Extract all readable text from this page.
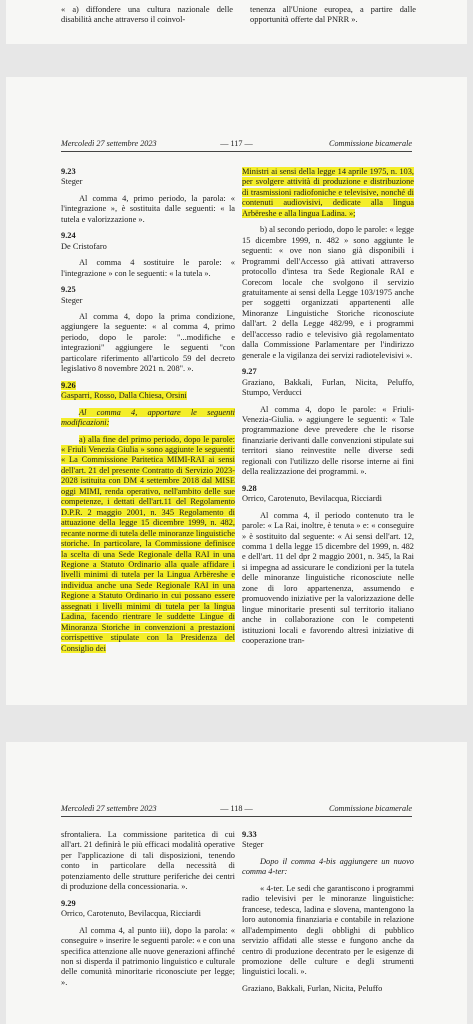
« a) diffondere una cultura nazionale delle disabilità anche attraverso il coinvol-
tenenza all'Unione europea, a partire dalle opportunità offerte dal PNRR ».
Mercoledì 27 settembre 2023	— 117 —	Commissione bicamerale

9.23

Steger

Al comma 4, primo periodo, la parola: « l'integrazione », è sostituita dalle seguenti: « la tutela e valorizzazione ».

9.24

De Cristofaro

Al comma 4 sostituire le parole: « l'integrazione » con le seguenti: « la tutela ».

9.25

Steger

Al comma 4, dopo la prima condizione, aggiungere la seguente: « al comma 4, primo periodo, dopo le parole: "...modifiche e integrazioni" aggiungere le seguenti "con particolare riferimento all'articolo 59 del decreto legislativo 8 novembre 2021 n. 208". ».

9.26

Gasparri, Rosso, Dalla Chiesa, Orsini

Al comma 4, apportare le seguenti modificazioni:

a) alla fine del primo periodo, dopo le parole: « Friuli Venezia Giulia » sono aggiunte le seguenti: « La Commissione Paritetica MIMI-RAI ai sensi dell'art. 21 del presente Contratto di Servizio 2023-2028 istituita con DM 4 settembre 2018 dal MISE oggi MIMI, renda operativo, nell'ambito delle sue competenze, i dettati dell'art.11 del Regolamento D.P.R. 2 maggio 2001, n. 345 Regolamento di attuazione della legge 15 dicembre 1999, n. 482, recante norme di tutela delle minoranze linguistiche storiche. In particolare, la Commissione definisce la scelta di una Sede Regionale della RAI in una Regione a Statuto Ordinario alla quale affidare i livelli minimi di tutela per la Lingua Arbëreshe e individua anche una Sede Regionale RAI in una Regione a Statuto Ordinario in cui possano essere assegnati i livelli minimi di tutela per la lingua Ladina, facendo rientrare le suddette Lingue di Minoranza Storiche in convenzioni a prestazioni corrispettive stipulate con la Presidenza del Consiglio dei

Ministri ai sensi della legge 14 aprile 1975, n. 103, per svolgere attività di produzione e distribuzione di trasmissioni radiofoniche e televisive, nonché di contenuti audiovisivi, dedicate alla lingua Arbëreshe e alla lingua Ladina. »;

b) al secondo periodo, dopo le parole: « legge 15 dicembre 1999, n. 482 » sono aggiunte le seguenti: « ove non siano già disponibili i Programmi dell'Accesso già attivati attraverso protocollo d'intesa tra Sede Regionale RAI e Corecom locale che svolgono il servizio gratuitamente ai sensi della Legge 103/1975 anche per soggetti organizzati appartenenti alle Minoranze Linguistiche Storiche riconosciute dall'art. 2 della Legge 482/99, e i programmi dell'accesso radio e televisivo già regolamentato dalla Commissione Parlamentare per l'indirizzo generale e la vigilanza dei servizi radiotelevisivi ».

9.27

Graziano, Bakkali, Furlan, Nicita, Peluffo, Stumpo, Verducci

Al comma 4, dopo le parole: « Friuli-Venezia-Giulia. » aggiungere le seguenti: « Tale programmazione deve prevedere che le risorse finanziarie derivanti dalle convenzioni stipulate sui territori siano reinvestite nelle diverse sedi regionali con l'utilizzo delle risorse interne ai fini della realizzazione dei programmi. ».

9.28

Orrico, Carotenuto, Bevilacqua, Ricciardi

Al comma 4, il periodo contenuto tra le parole: « La Rai, inoltre, è tenuta » e: « conseguire » è sostituito dal seguente: « Ai sensi dell'art. 12, comma 1 della legge 15 dicembre del 1999, n. 482 e dell'art. 11 del dpr 2 maggio 2001, n. 345, la Rai si impegna ad assicurare le condizioni per la tutela delle minoranze linguistiche riconosciute nelle zone di loro appartenenza, assumendo e promuovendo iniziative per la valorizzazione delle lingue minoritarie presenti sul territorio italiano anche in collaborazione con le competenti istituzioni locali e favorendo altresì iniziative di cooperazione tran-

Mercoledì 27 settembre 2023	— 118 —	Commissione bicamerale

sfrontaliera. La commissione paritetica di cui all'art. 21 definirà le più efficaci modalità operative per l'applicazione di tali disposizioni, tenendo conto in particolare della necessità di potenziamento delle strutture periferiche dei centri di produzione della concessionaria. ».

9.29

Orrico, Carotenuto, Bevilacqua, Ricciardi

Al comma 4, al punto iii), dopo la parola: « conseguire » inserire le seguenti parole: « e con una specifica attenzione alle nuove generazioni affinché non si disperda il patrimonio linguistico e culturale delle comunità minoritarie riconosciute per legge; ».

9.33

Steger

Dopo il comma 4-bis aggiungere un nuovo comma 4-ter:

« 4-ter. Le sedi che garantiscono i programmi radio televisivi per le minoranze linguistiche: francese, tedesca, ladina e slovena, mantengono la loro autonomia finanziaria e contabile in relazione all'adempimento degli obblighi di pubblico servizio affidati alle stesse e fungono anche da centro di produzione decentrato per le esigenze di promozione delle culture e degli strumenti linguistici locali. ».

Graziano, Bakkali, Furlan, Nicita, Peluffo
